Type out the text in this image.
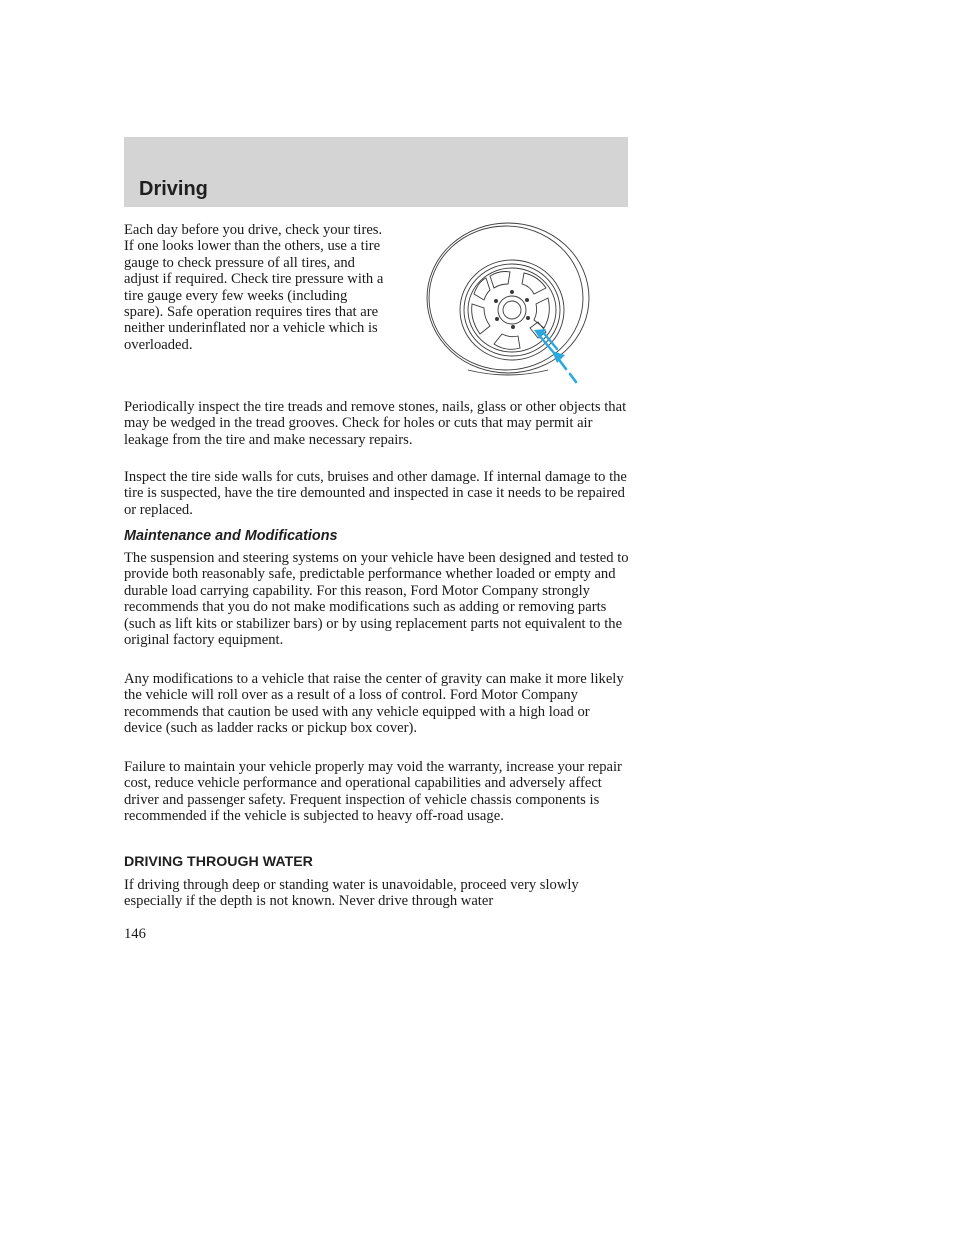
Driving

Each day before you drive, check your tires. If one looks lower than the others, use a tire gauge to check pressure of all tires, and adjust if required. Check tire pressure with a tire gauge every few weeks (including spare). Safe operation requires tires that are neither underinflated nor a vehicle which is overloaded.

Periodically inspect the tire treads and remove stones, nails, glass or other objects that may be wedged in the tread grooves. Check for holes or cuts that may permit air leakage from the tire and make necessary repairs.

Inspect the tire side walls for cuts, bruises and other damage. If internal damage to the tire is suspected, have the tire demounted and inspected in case it needs to be repaired or replaced.

Maintenance and Modifications

The suspension and steering systems on your vehicle have been designed and tested to provide both reasonably safe, predictable performance whether loaded or empty and durable load carrying capability. For this reason, Ford Motor Company strongly recommends that you do not make modifications such as adding or removing parts (such as lift kits or stabilizer bars) or by using replacement parts not equivalent to the original factory equipment.

Any modifications to a vehicle that raise the center of gravity can make it more likely the vehicle will roll over as a result of a loss of control. Ford Motor Company recommends that caution be used with any vehicle equipped with a high load or device (such as ladder racks or pickup box cover).

Failure to maintain your vehicle properly may void the warranty, increase your repair cost, reduce vehicle performance and operational capabilities and adversely affect driver and passenger safety. Frequent inspection of vehicle chassis components is recommended if the vehicle is subjected to heavy off-road usage.

DRIVING THROUGH WATER

If driving through deep or standing water is unavoidable, proceed very slowly especially if the depth is not known. Never drive through water

146
